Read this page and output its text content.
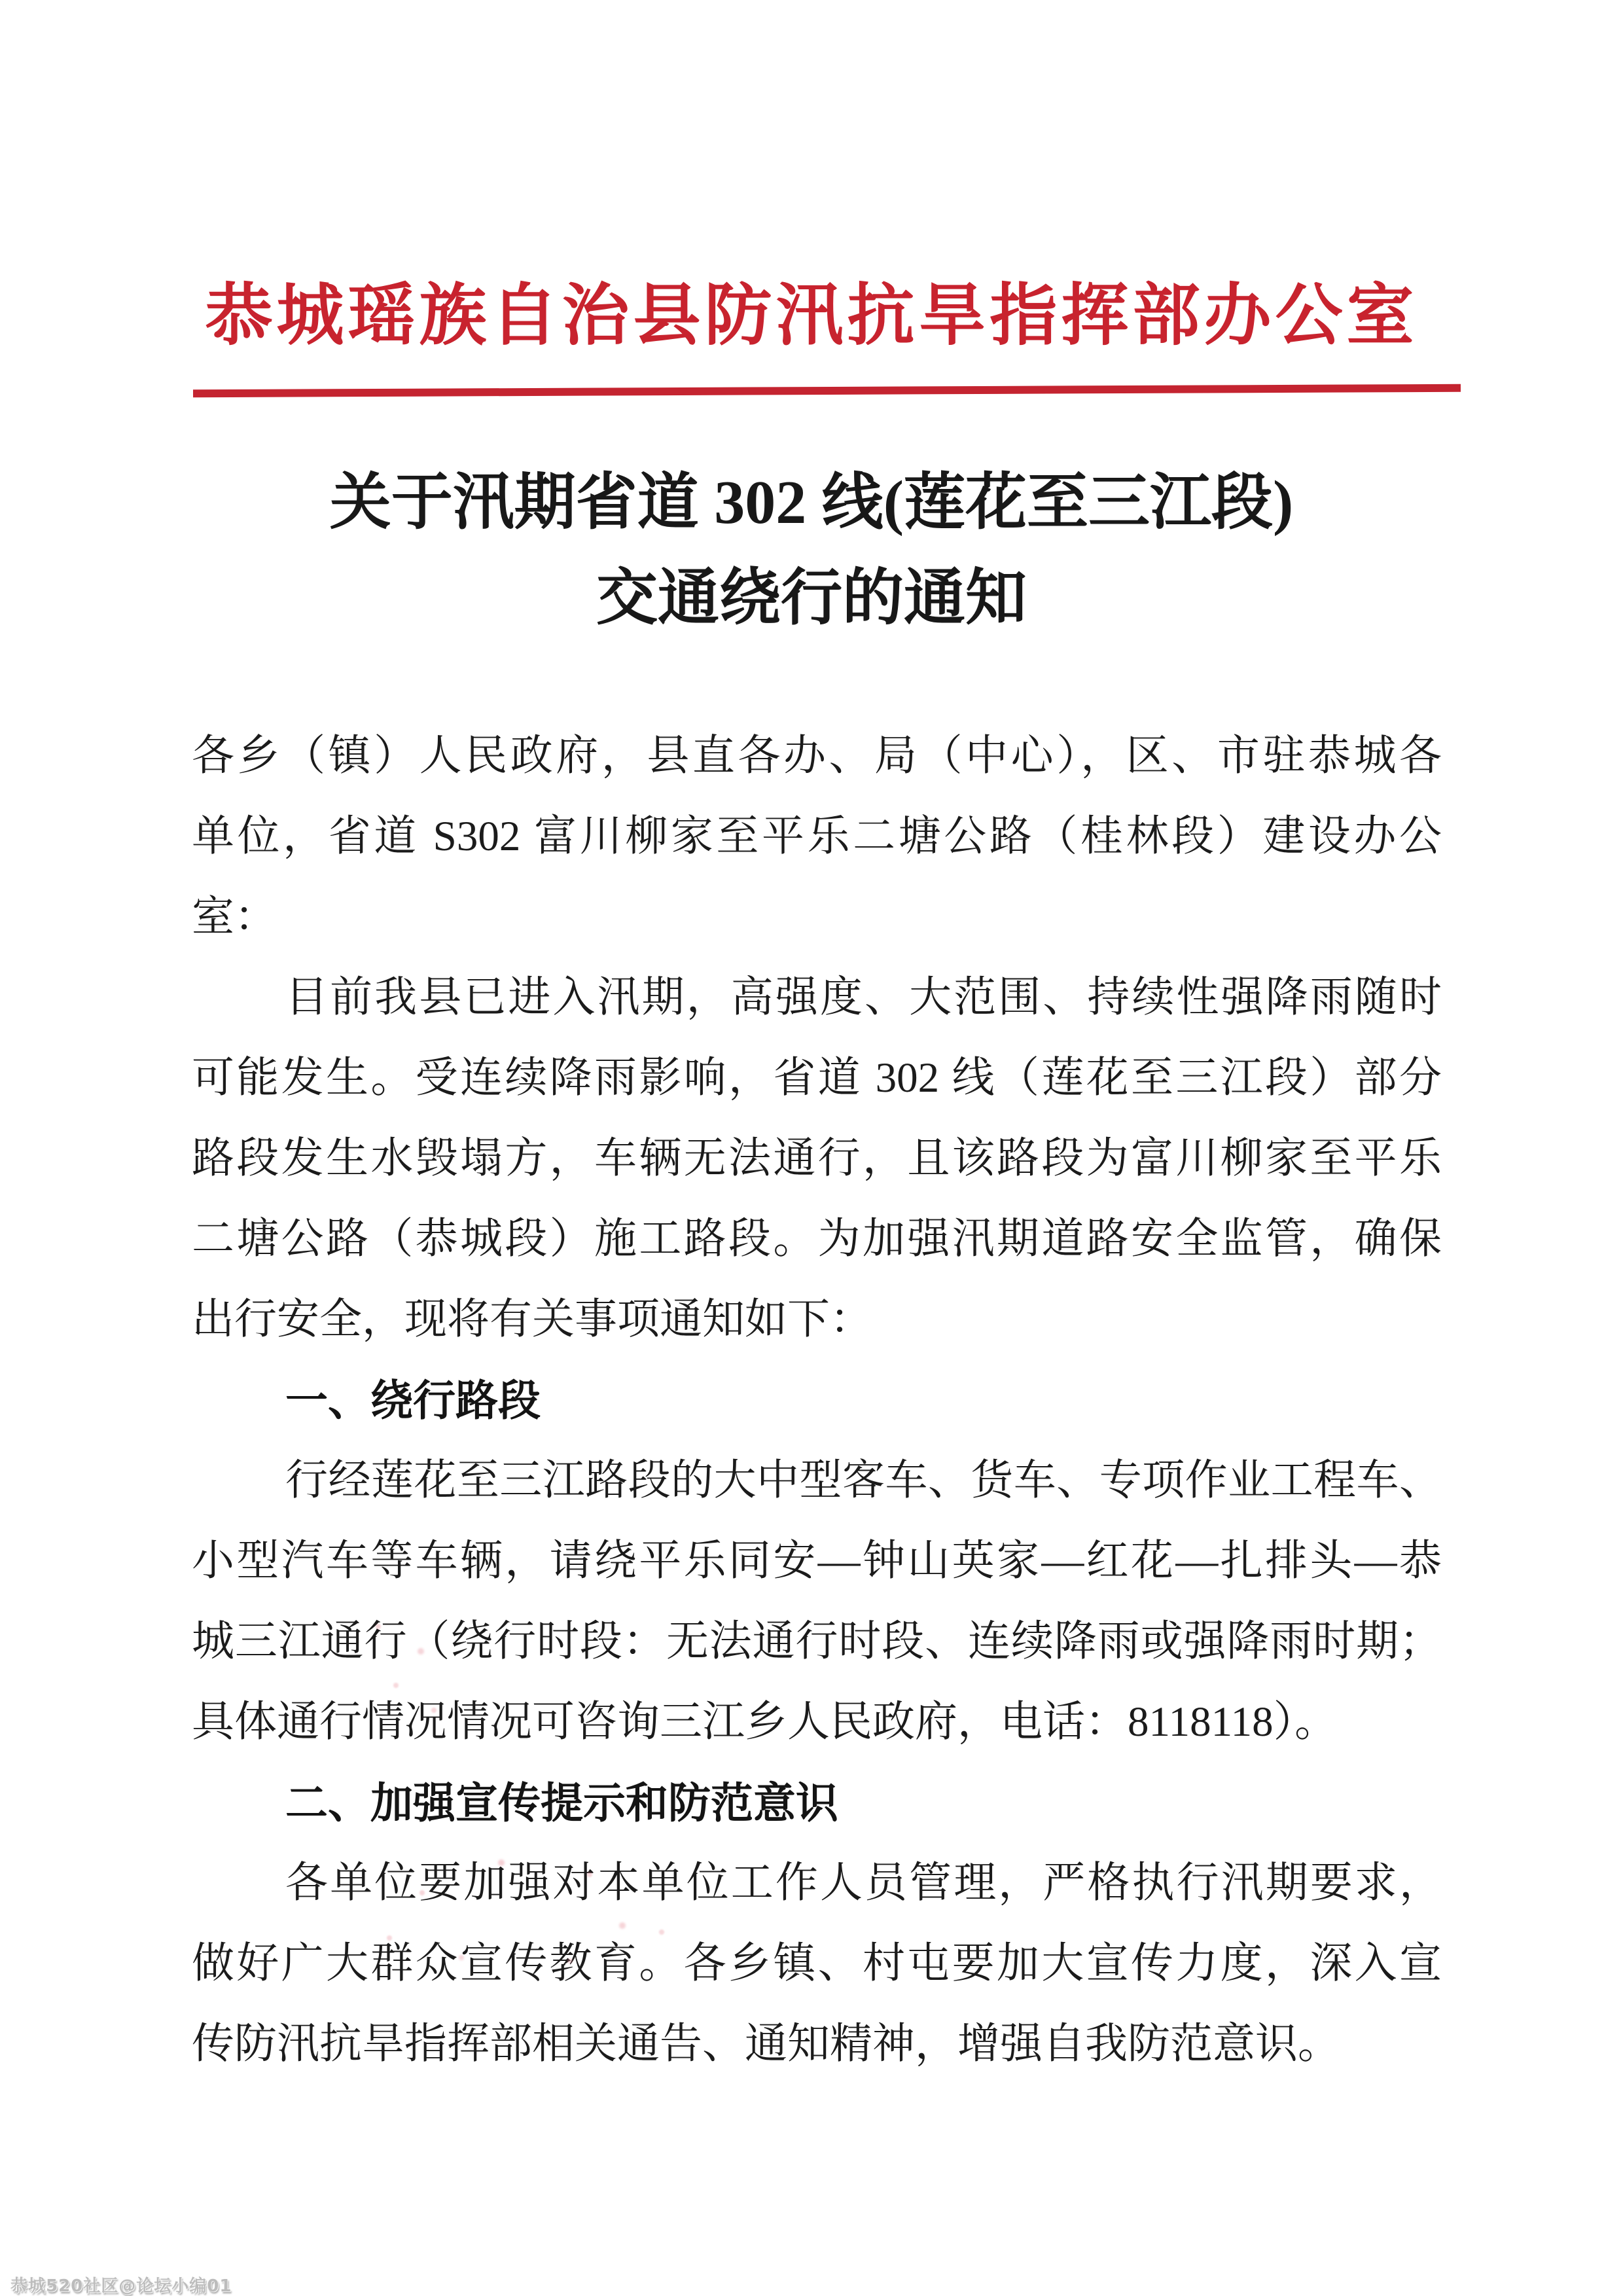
恭城瑶族自治县防汛抗旱指挥部办公室
关于汛期省道 302 线(莲花至三江段)
交通绕行的通知
各乡（镇）人民政府，县直各办、局（中心），区、市驻恭城各
单位，省道 S302 富川柳家至平乐二塘公路（桂林段）建设办公
室：
目前我县已进入汛期，高强度、大范围、持续性强降雨随时
可能发生。受连续降雨影响，省道 302 线（莲花至三江段）部分
路段发生水毁塌方，车辆无法通行，且该路段为富川柳家至平乐
二塘公路（恭城段）施工路段。为加强汛期道路安全监管，确保
出行安全，现将有关事项通知如下：
一、绕行路段
行经莲花至三江路段的大中型客车、货车、专项作业工程车、
小型汽车等车辆，请绕平乐同安—钟山英家—红花—扎排头—恭
城三江通行（绕行时段：无法通行时段、连续降雨或强降雨时期；
具体通行情况情况可咨询三江乡人民政府，电话：8118118）。
二、加强宣传提示和防范意识
各单位要加强对本单位工作人员管理，严格执行汛期要求，
做好广大群众宣传教育。各乡镇、村屯要加大宣传力度，深入宣
传防汛抗旱指挥部相关通告、通知精神，增强自我防范意识。
恭城520社区@论坛小编01
